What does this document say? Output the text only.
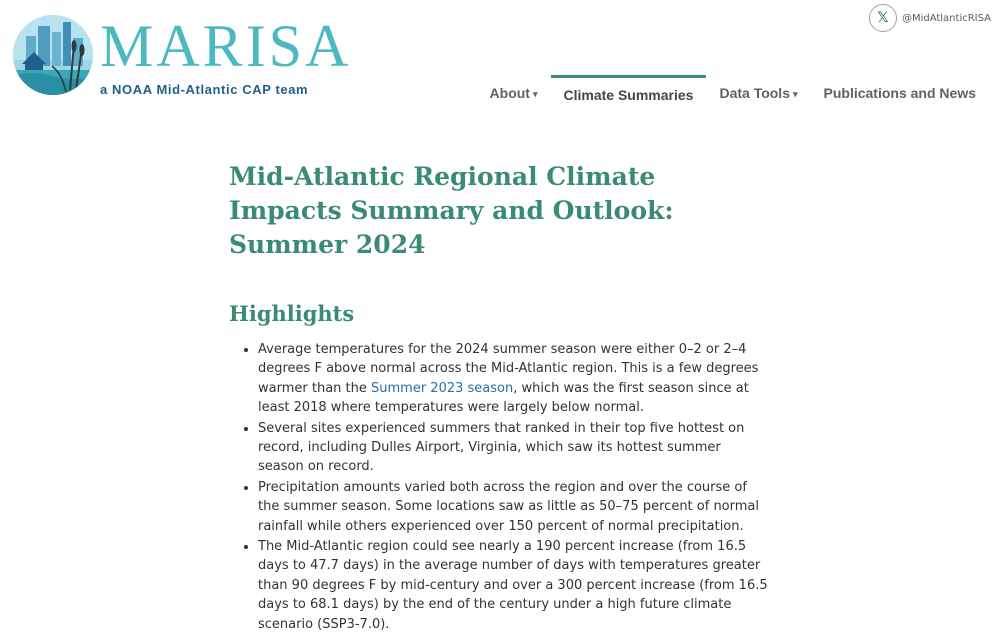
MARISA
a NOAA Mid-Atlantic CAP team
𝕏	@MidAtlanticRISA
About ▾	Climate Summaries	Data Tools ▾	Publications and News
Mid-Atlantic Regional Climate Impacts Summary and Outlook: Summer 2024
Highlights
• Average temperatures for the 2024 summer season were either 0–2 or 2–4 degrees F above normal across the Mid-Atlantic region. This is a few degrees warmer than the Summer 2023 season, which was the first season since at least 2018 where temperatures were largely below normal.
• Several sites experienced summers that ranked in their top five hottest on record, including Dulles Airport, Virginia, which saw its hottest summer season on record.
• Precipitation amounts varied both across the region and over the course of the summer season. Some locations saw as little as 50–75 percent of normal rainfall while others experienced over 150 percent of normal precipitation.
• The Mid-Atlantic region could see nearly a 190 percent increase (from 16.5 days to 47.7 days) in the average number of days with temperatures greater than 90 degrees F by mid-century and over a 300 percent increase (from 16.5 days to 68.1 days) by the end of the century under a high future climate scenario (SSP3-7.0).
